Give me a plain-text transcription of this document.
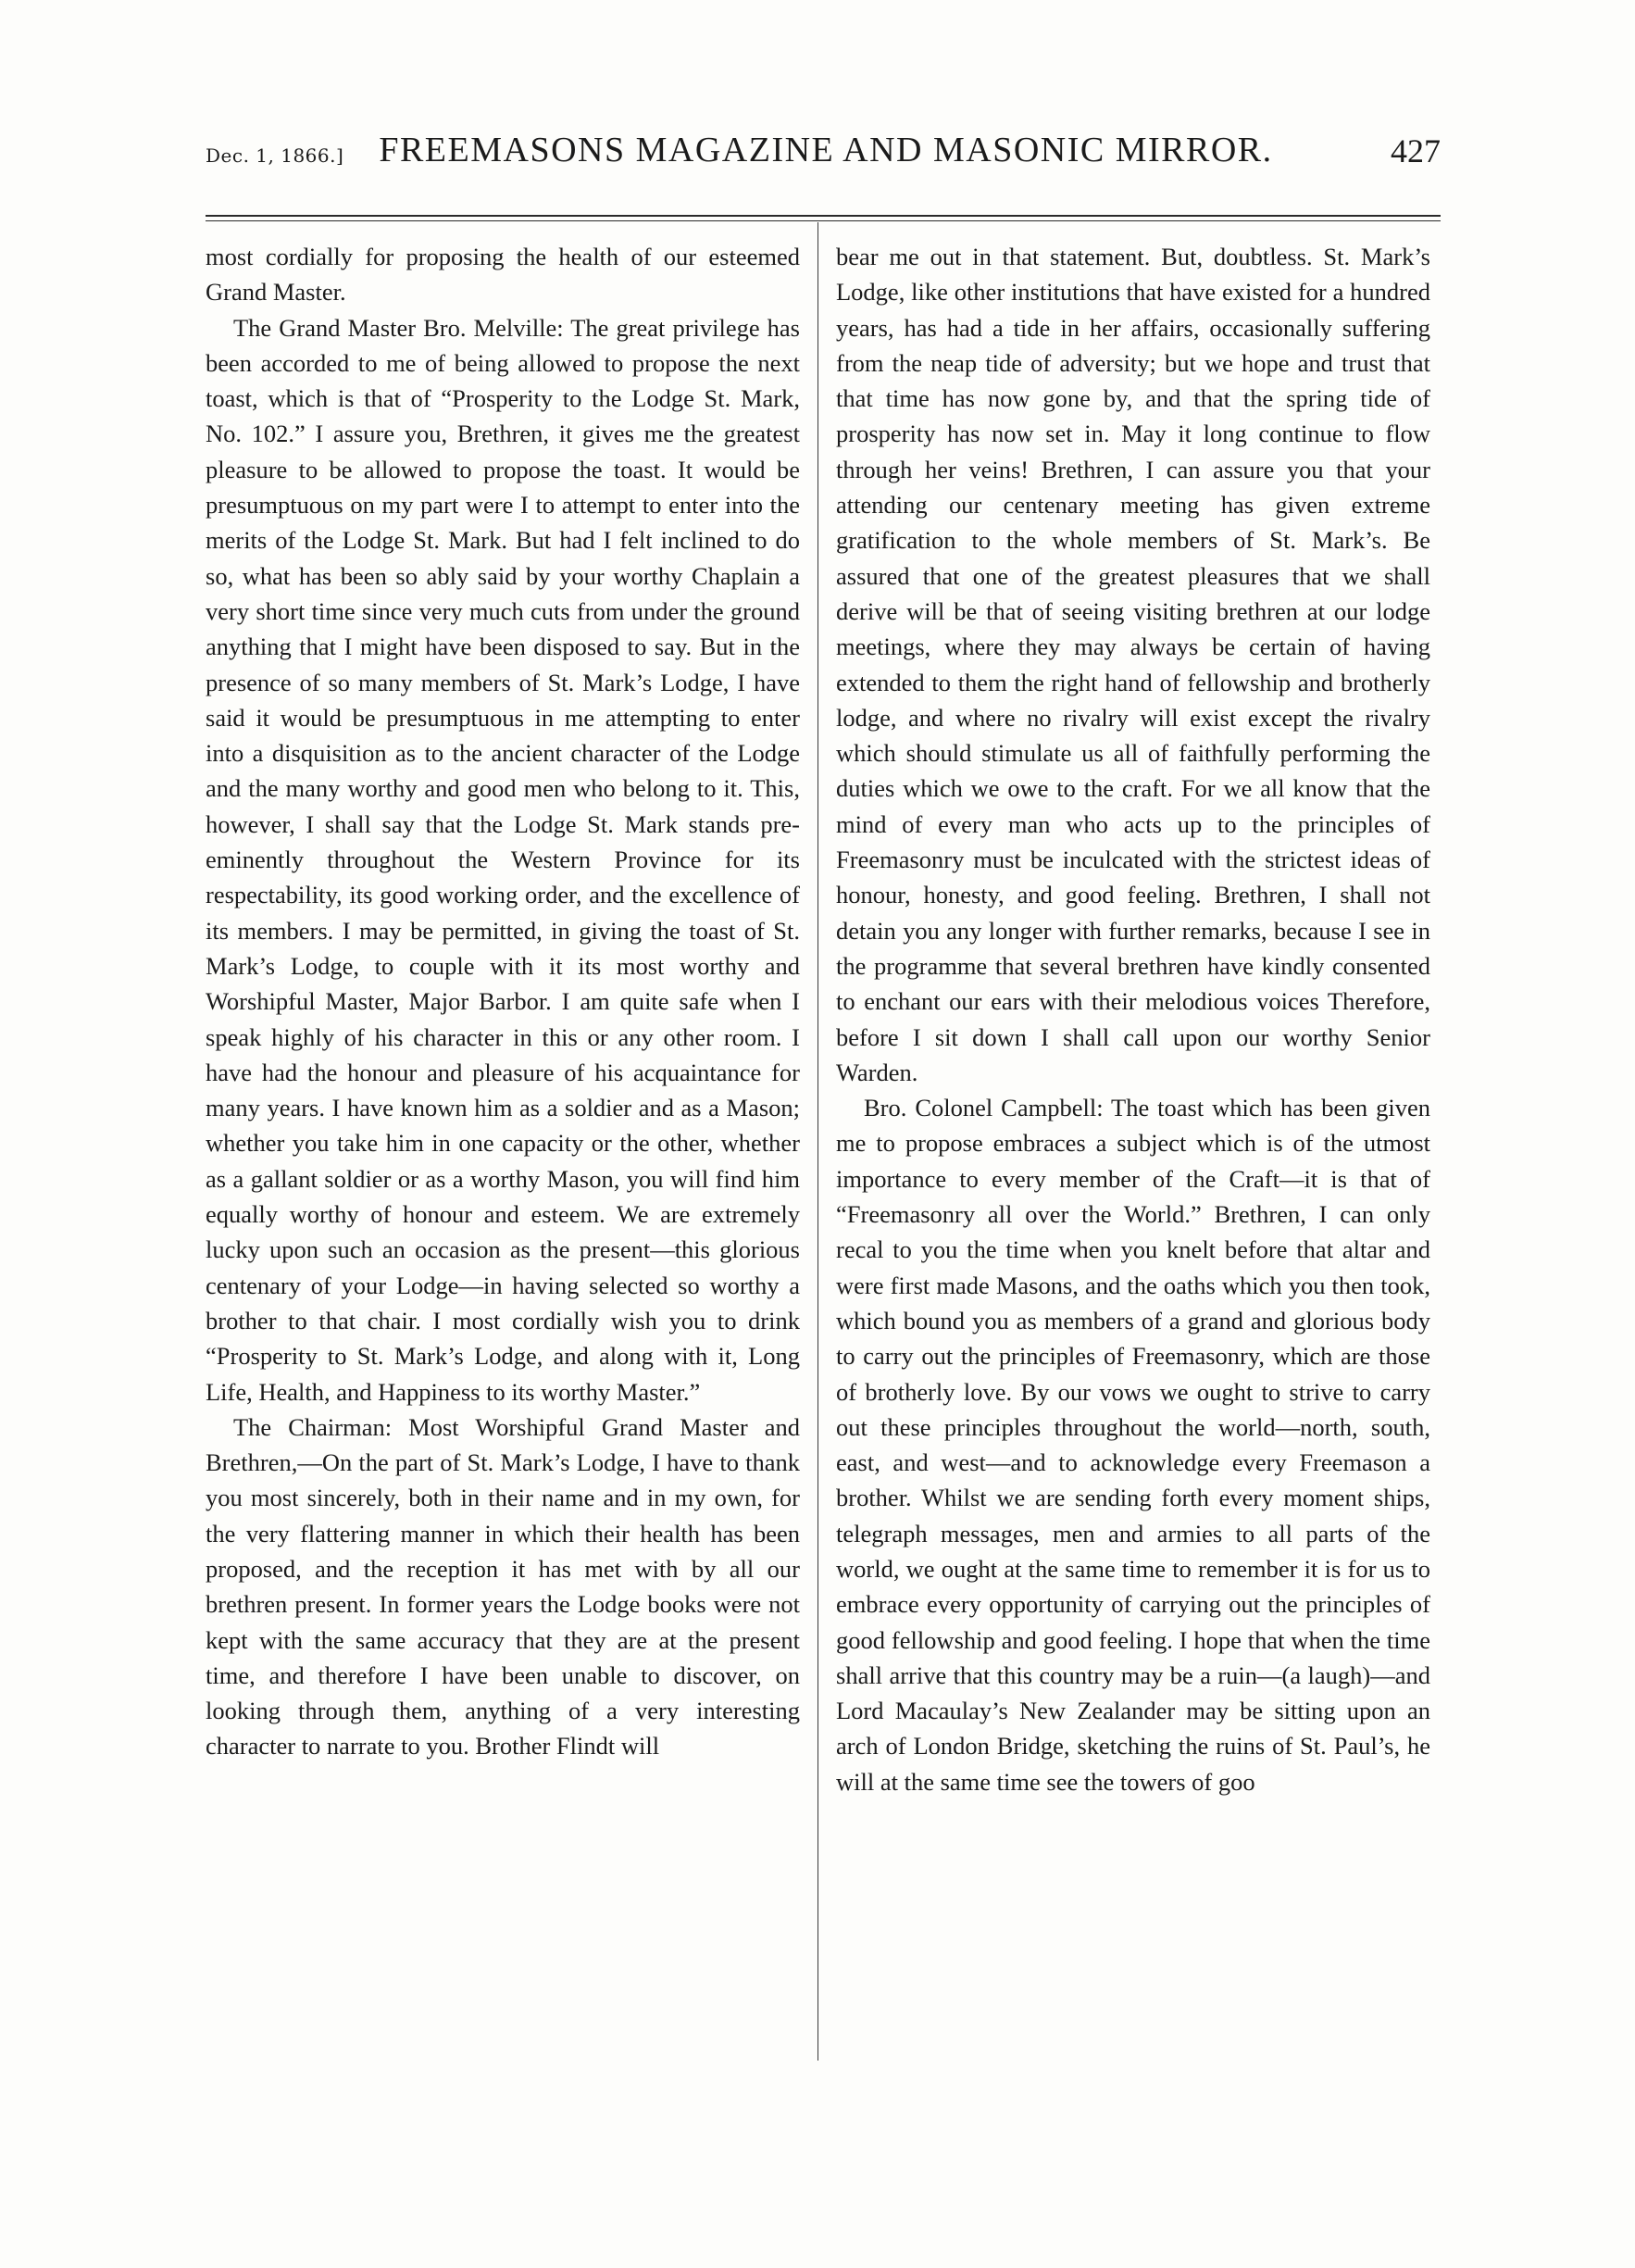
Dec. 1, 1866.]	FREEMASONS MAGAZINE AND MASONIC MIRROR.	427

most cordially for proposing the health of our esteemed Grand Master.

The Grand Master Bro. Melville: The great privilege has been accorded to me of being allowed to propose the next toast, which is that of “Prosperity to the Lodge St. Mark, No. 102.” I assure you, Brethren, it gives me the greatest pleasure to be allowed to propose the toast. It would be presumptuous on my part were I to attempt to enter into the merits of the Lodge St. Mark. But had I felt inclined to do so, what has been so ably said by your worthy Chaplain a very short time since very much cuts from under the ground anything that I might have been disposed to say. But in the presence of so many members of St. Mark’s Lodge, I have said it would be presumptuous in me attempting to enter into a disquisition as to the ancient character of the Lodge and the many worthy and good men who belong to it. This, however, I shall say that the Lodge St. Mark stands pre-eminently throughout the Western Province for its respectability, its good working order, and the excellence of its members. I may be permitted, in giving the toast of St. Mark’s Lodge, to couple with it its most worthy and Worshipful Master, Major Barbor. I am quite safe when I speak highly of his character in this or any other room. I have had the honour and pleasure of his acquaintance for many years. I have known him as a soldier and as a Mason; whether you take him in one capacity or the other, whether as a gallant soldier or as a worthy Mason, you will find him equally worthy of honour and esteem. We are extremely lucky upon such an occasion as the present—this glorious centenary of your Lodge—in having selected so worthy a brother to that chair. I most cordially wish you to drink “Prosperity to St. Mark’s Lodge, and along with it, Long Life, Health, and Happiness to its worthy Master.”

The Chairman: Most Worshipful Grand Master and Brethren,—On the part of St. Mark’s Lodge, I have to thank you most sincerely, both in their name and in my own, for the very flattering manner in which their health has been proposed, and the reception it has met with by all our brethren present. In former years the Lodge books were not kept with the same accuracy that they are at the present time, and therefore I have been unable to discover, on looking through them, anything of a very interesting character to narrate to you. Brother Flindt will

bear me out in that statement. But, doubtless. St. Mark’s Lodge, like other institutions that have existed for a hundred years, has had a tide in her affairs, occasionally suffering from the neap tide of adversity; but we hope and trust that that time has now gone by, and that the spring tide of prosperity has now set in. May it long continue to flow through her veins! Brethren, I can assure you that your attending our centenary meeting has given extreme gratification to the whole members of St. Mark’s. Be assured that one of the greatest pleasures that we shall derive will be that of seeing visiting brethren at our lodge meetings, where they may always be certain of having extended to them the right hand of fellowship and brotherly lodge, and where no rivalry will exist except the rivalry which should stimulate us all of faithfully performing the duties which we owe to the craft. For we all know that the mind of every man who acts up to the principles of Freemasonry must be inculcated with the strictest ideas of honour, honesty, and good feeling. Brethren, I shall not detain you any longer with further remarks, because I see in the programme that several brethren have kindly consented to enchant our ears with their melodious voices Therefore, before I sit down I shall call upon our worthy Senior Warden.

Bro. Colonel Campbell: The toast which has been given me to propose embraces a subject which is of the utmost importance to every member of the Craft—it is that of “Freemasonry all over the World.” Brethren, I can only recal to you the time when you knelt before that altar and were first made Masons, and the oaths which you then took, which bound you as members of a grand and glorious body to carry out the principles of Freemasonry, which are those of brotherly love. By our vows we ought to strive to carry out these principles throughout the world—north, south, east, and west—and to acknowledge every Freemason a brother. Whilst we are sending forth every moment ships, telegraph messages, men and armies to all parts of the world, we ought at the same time to remember it is for us to embrace every opportunity of carrying out the principles of good fellowship and good feeling. I hope that when the time shall arrive that this country may be a ruin—(a laugh)—and Lord Macaulay’s New Zealander may be sitting upon an arch of London Bridge, sketching the ruins of St. Paul’s, he will at the same time see the towers of goo
